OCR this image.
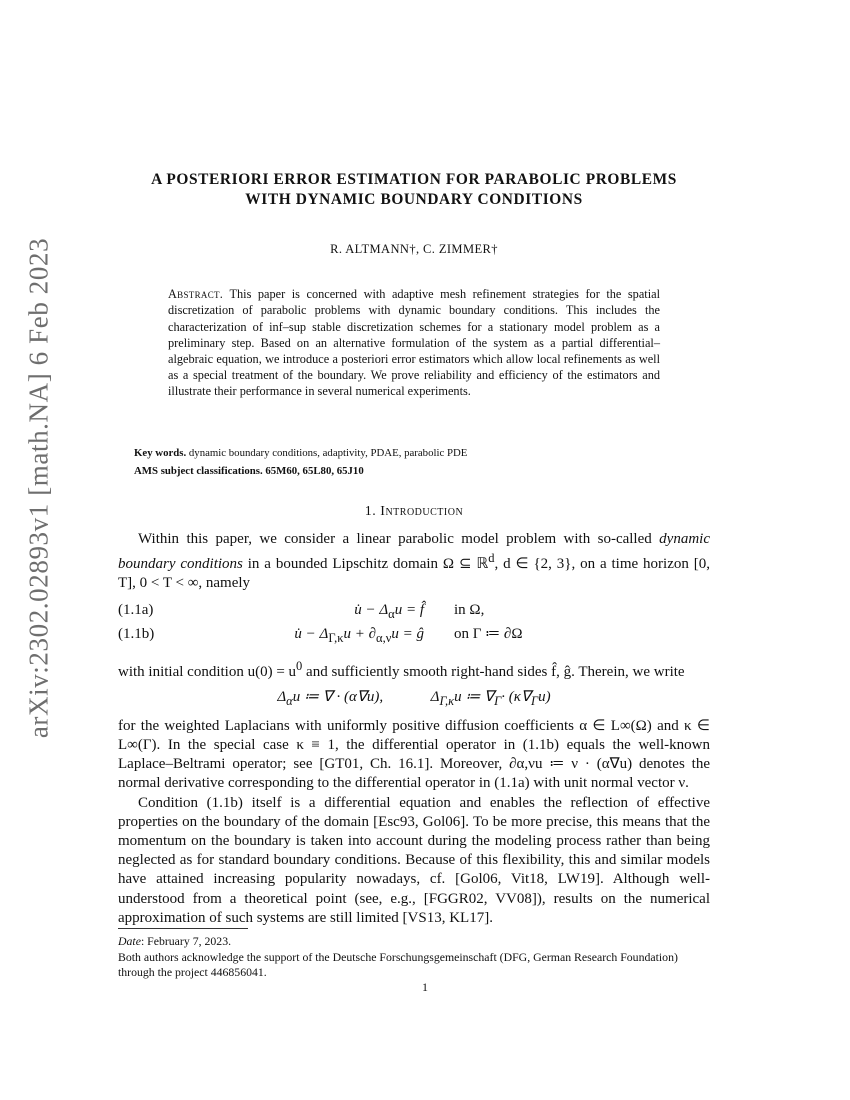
arXiv:2302.02893v1 [math.NA] 6 Feb 2023
A POSTERIORI ERROR ESTIMATION FOR PARABOLIC PROBLEMS
WITH DYNAMIC BOUNDARY CONDITIONS
R. ALTMANN†, C. ZIMMER†
Abstract. This paper is concerned with adaptive mesh refinement strategies for the spatial discretization of parabolic problems with dynamic boundary conditions. This includes the characterization of inf–sup stable discretization schemes for a stationary model problem as a preliminary step. Based on an alternative formulation of the system as a partial differential–algebraic equation, we introduce a posteriori error estimators which allow local refinements as well as a special treatment of the boundary. We prove reliability and efficiency of the estimators and illustrate their performance in several numerical experiments.
Key words. dynamic boundary conditions, adaptivity, PDAE, parabolic PDE
AMS subject classifications. 65M60, 65L80, 65J10
1. Introduction

Within this paper, we consider a linear parabolic model problem with so-called dynamic boundary conditions in a bounded Lipschitz domain Ω ⊆ ℝ$^d$, d ∈ {2, 3}, on a time horizon [0, T], 0 < T < ∞, namely

(1.1a)	u̇ − $\Delta_\alpha u$ = f̂ in Ω,
(1.1b)	u̇ − $\Delta_{\Gamma,\kappa}u + \partial_{\alpha,\nu}u$ = ĝ on Γ ≔ ∂Ω

with initial condition $u(0) = u^0$ and sufficiently smooth right-hand sides f̂, ĝ. Therein, we write

$\Delta_\alpha u$ ≔ ∇ · (α∇u),	$\Delta_{\Gamma,\kappa}u$ ≔ $\nabla_\Gamma\cdot (\kappa\nabla_\Gamma u)$

for the weighted Laplacians with uniformly positive diffusion coefficients α ∈ L∞(Ω) and κ ∈ L∞(Γ). In the special case κ ≡ 1, the differential operator in (1.1b) equals the well-known Laplace–Beltrami operator; see [GT01, Ch. 16.1]. Moreover, ∂α,νu ≔ ν · (α∇u) denotes the normal derivative corresponding to the differential operator in (1.1a) with unit normal vector ν.

Condition (1.1b) itself is a differential equation and enables the reflection of effective properties on the boundary of the domain [Esc93, Gol06]. To be more precise, this means that the momentum on the boundary is taken into account during the modeling process rather than being neglected as for standard boundary conditions. Because of this flexibility, this and similar models have attained increasing popularity nowadays, cf. [Gol06, Vit18, LW19]. Although well-understood from a theoretical point (see, e.g., [FGGR02, VV08]), results on the numerical approximation of such systems are still limited [VS13, KL17].

Date: February 7, 2023.

Both authors acknowledge the support of the Deutsche Forschungsgemeinschaft (DFG, German Research Foundation) through the project 446856041.

1
